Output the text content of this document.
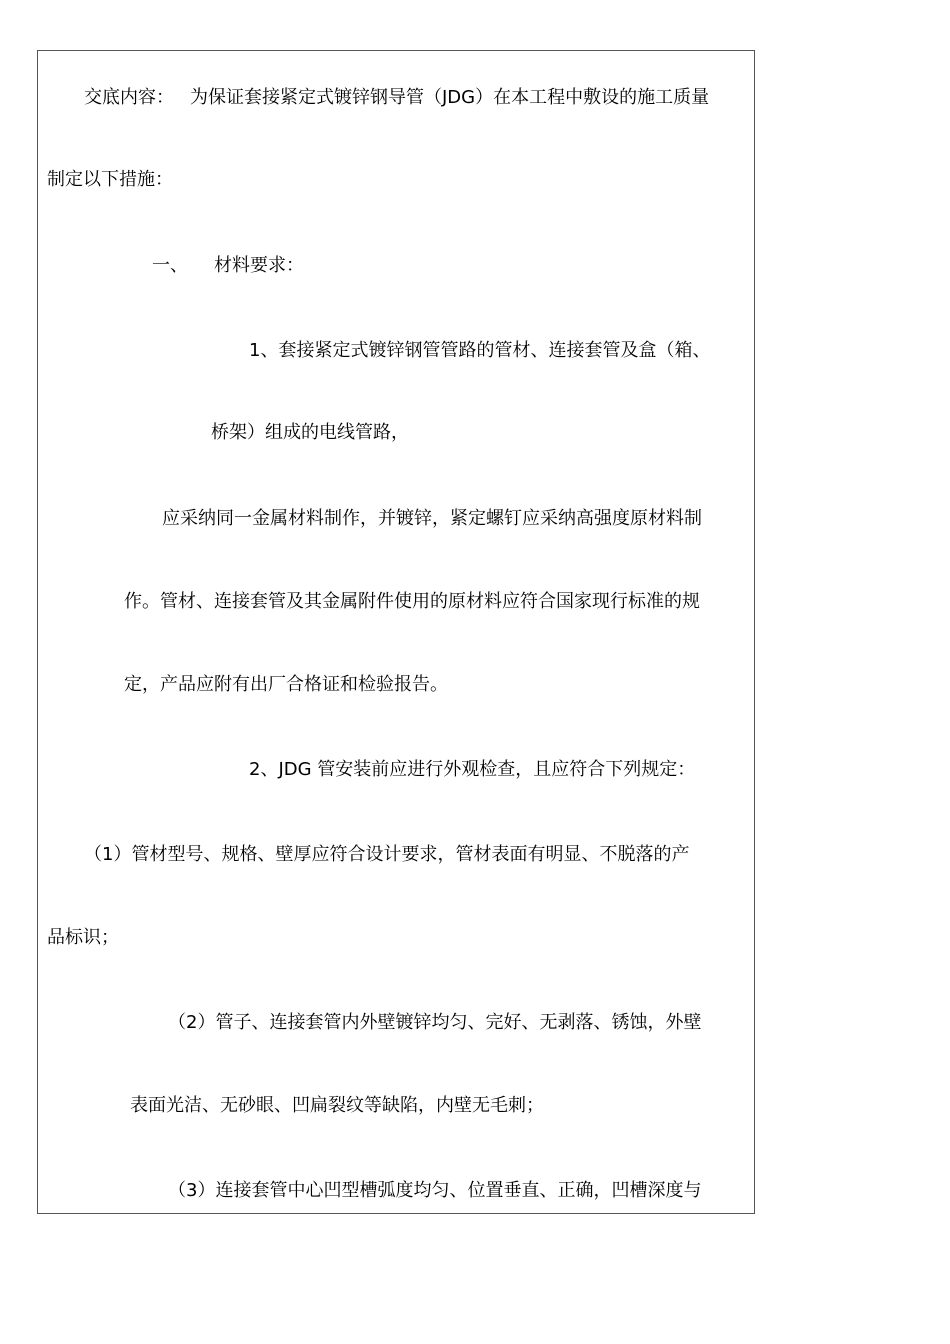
交底内容： 为保证套接紧定式镀锌钢导管（JDG）在本工程中敷设的施工质量
制定以下措施：
一、 材料要求：
1、套接紧定式镀锌钢管管路的管材、连接套管及盒（箱、
桥架）组成的电线管路，
应采纳同一金属材料制作，并镀锌，紧定螺钉应采纳高强度原材料制
作。管材、连接套管及其金属附件使用的原材料应符合国家现行标准的规
定，产品应附有出厂合格证和检验报告。
2、JDG 管安装前应进行外观检查，且应符合下列规定：
（1）管材型号、规格、壁厚应符合设计要求，管材表面有明显、不脱落的产
品标识；
（2）管子、连接套管内外壁镀锌均匀、完好、无剥落、锈蚀，外壁
表面光洁、无砂眼、凹扁裂纹等缺陷，内壁无毛刺；
（3）连接套管中心凹型槽弧度均匀、位置垂直、正确，凹槽深度与
